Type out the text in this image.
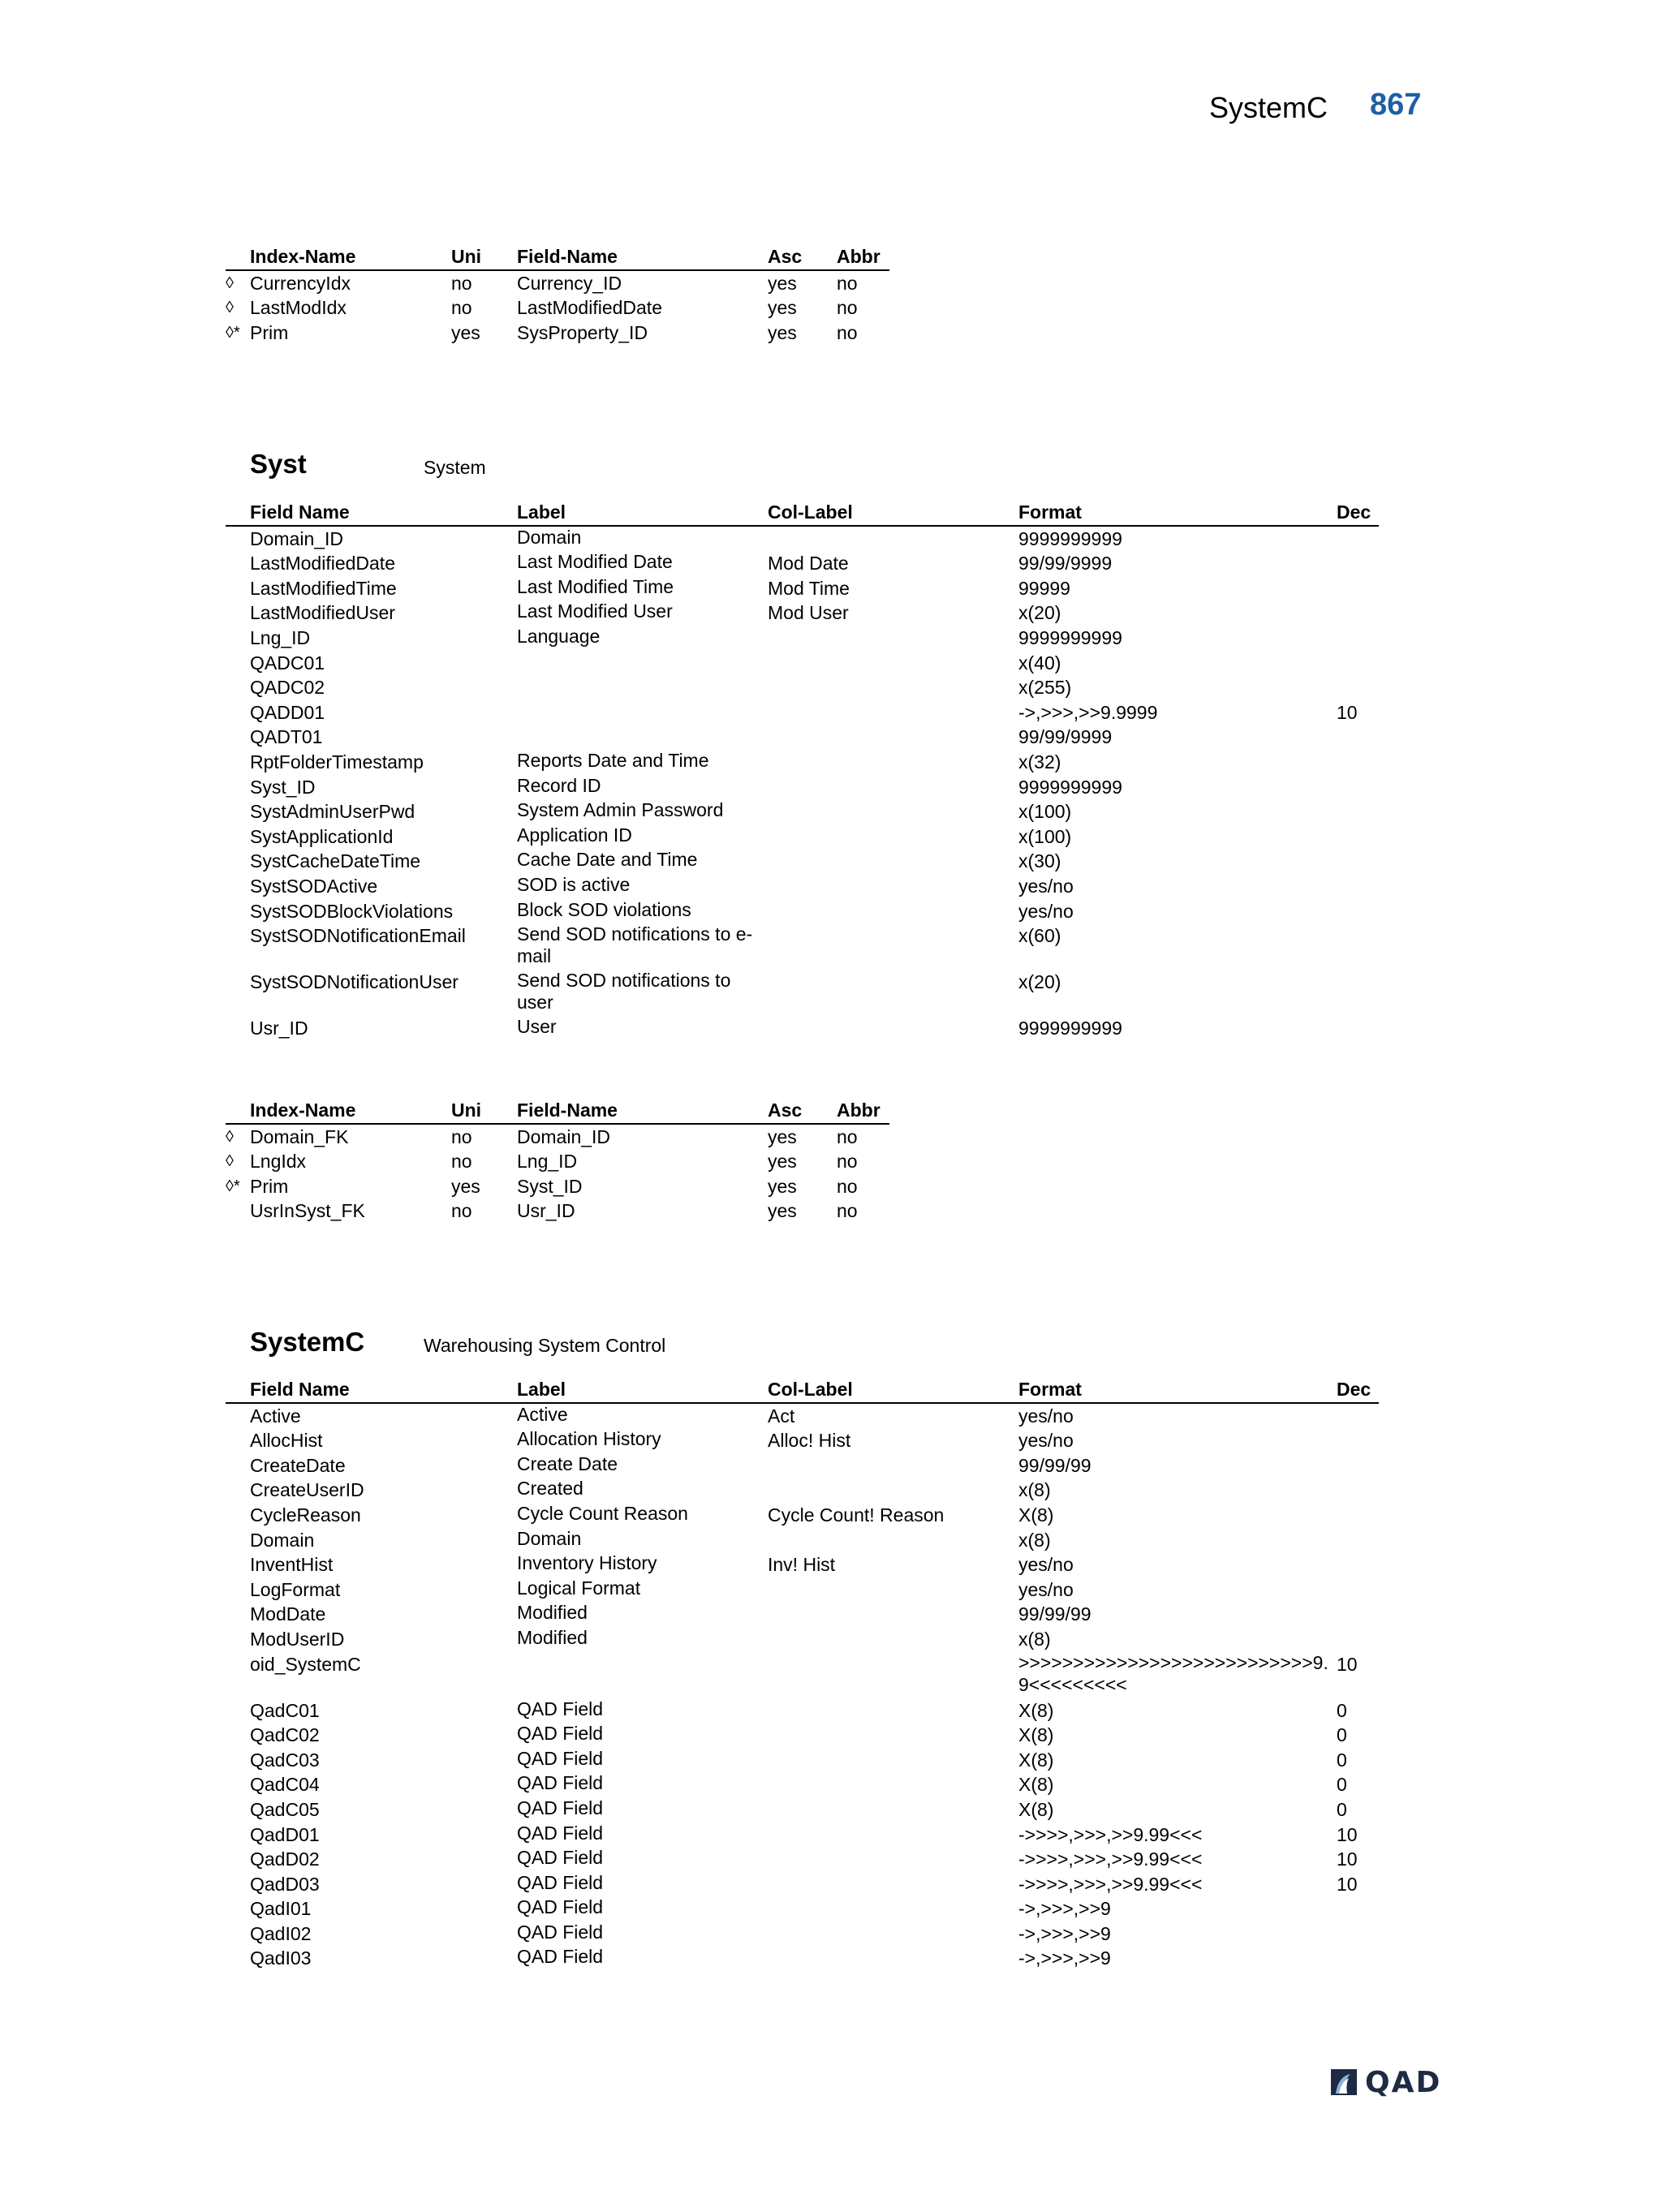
SystemC 867
	Index-Name	Uni	Field-Name	Asc	Abbr
◊	CurrencyIdx	no	Currency_ID	yes	no
◊	LastModIdx	no	LastModifiedDate	yes	no
◊*	Prim	yes	SysProperty_ID	yes	no
Syst	System
	Field Name	Label	Col-Label	Format	Dec
	Domain_ID	Domain		9999999999	
	LastModifiedDate	Last Modified Date	Mod Date	99/99/9999	
	LastModifiedTime	Last Modified Time	Mod Time	99999	
	LastModifiedUser	Last Modified User	Mod User	x(20)	
	Lng_ID	Language		9999999999	
	QADC01			x(40)	
	QADC02			x(255)	
	QADD01			->,>>>,>>9.9999	10
	QADT01			99/99/9999	
	RptFolderTimestamp	Reports Date and Time		x(32)	
	Syst_ID	Record ID		9999999999	
	SystAdminUserPwd	System Admin Password		x(100)	
	SystApplicationId	Application ID		x(100)	
	SystCacheDateTime	Cache Date and Time		x(30)	
	SystSODActive	SOD is active		yes/no	
	SystSODBlockViolations	Block SOD violations		yes/no	
	SystSODNotificationEmail	Send SOD notifications to e-mail		x(60)	
	SystSODNotificationUser	Send SOD notifications to user		x(20)	
	Usr_ID	User		9999999999	
	Index-Name	Uni	Field-Name	Asc	Abbr
◊	Domain_FK	no	Domain_ID	yes	no
◊	LngIdx	no	Lng_ID	yes	no
◊*	Prim	yes	Syst_ID	yes	no
	UsrInSyst_FK	no	Usr_ID	yes	no
SystemC	Warehousing System Control
	Field Name	Label	Col-Label	Format	Dec
	Active	Active	Act	yes/no	
	AllocHist	Allocation History	Alloc! Hist	yes/no	
	CreateDate	Create Date		99/99/99	
	CreateUserID	Created		x(8)	
	CycleReason	Cycle Count Reason	Cycle Count! Reason	X(8)	
	Domain	Domain		x(8)	
	InventHist	Inventory History	Inv! Hist	yes/no	
	LogFormat	Logical Format		yes/no	
	ModDate	Modified		99/99/99	
	ModUserID	Modified		x(8)	
	oid_SystemC			>>>>>>>>>>>>>>>>>>>>>>>>>>>9.9<<<<<<<<<	10
	QadC01	QAD Field		X(8)	0
	QadC02	QAD Field		X(8)	0
	QadC03	QAD Field		X(8)	0
	QadC04	QAD Field		X(8)	0
	QadC05	QAD Field		X(8)	0
	QadD01	QAD Field		->>>>,>>>,>>9.99<<<	10
	QadD02	QAD Field		->>>>,>>>,>>9.99<<<	10
	QadD03	QAD Field		->>>>,>>>,>>9.99<<<	10
	QadI01	QAD Field		->,>>>,>>9	
	QadI02	QAD Field		->,>>>,>>9	
	QadI03	QAD Field		->,>>>,>>9	
QAD
